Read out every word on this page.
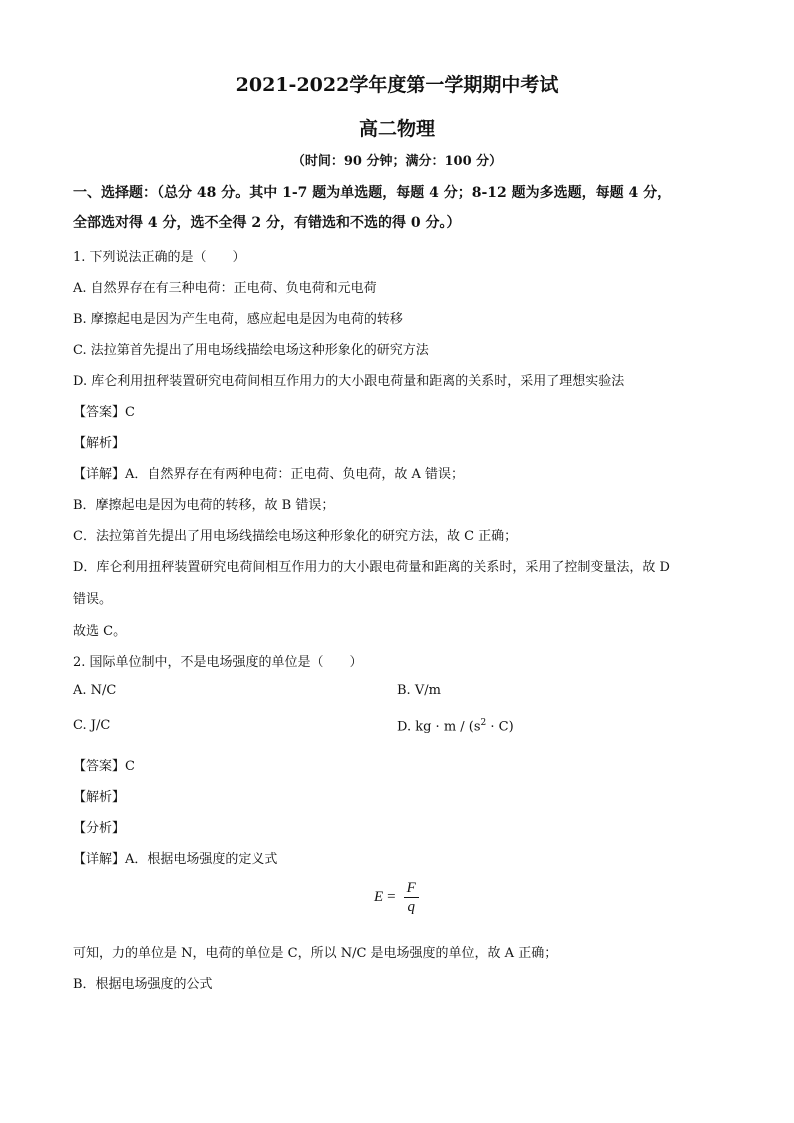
2021-2022学年度第一学期期中考试
高二物理
（时间：90 分钟；满分：100 分）
一、选择题：（总分 48 分。其中 1-7 题为单选题，每题 4 分；8-12 题为多选题，每题 4 分，
全部选对得 4 分，选不全得 2 分，有错选和不选的得 0 分。）
1. 下列说法正确的是（　　）
A. 自然界存在有三种电荷：正电荷、负电荷和元电荷
B. 摩擦起电是因为产生电荷，感应起电是因为电荷的转移
C. 法拉第首先提出了用电场线描绘电场这种形象化的研究方法
D. 库仑利用扭秤装置研究电荷间相互作用力的大小跟电荷量和距离的关系时，采用了理想实验法
【答案】C
【解析】
【详解】A．自然界存在有两种电荷：正电荷、负电荷，故 A 错误；
B．摩擦起电是因为电荷的转移，故 B 错误；
C．法拉第首先提出了用电场线描绘电场这种形象化的研究方法，故 C 正确；
D．库仑利用扭秤装置研究电荷间相互作用力的大小跟电荷量和距离的关系时，采用了控制变量法，故 D
错误。
故选 C。
2. 国际单位制中，不是电场强度的单位是（　　）
A. N/C	B. V/m
C. J/C	D. kg · $m / (s^2 \cdot C)$
【答案】C
【解析】
【分析】
【详解】A．根据电场强度的定义式
$E = \frac{F}{q}$
可知，力的单位是 N，电荷的单位是 C，所以 N/C 是电场强度的单位，故 A 正确；
B．根据电场强度的公式
